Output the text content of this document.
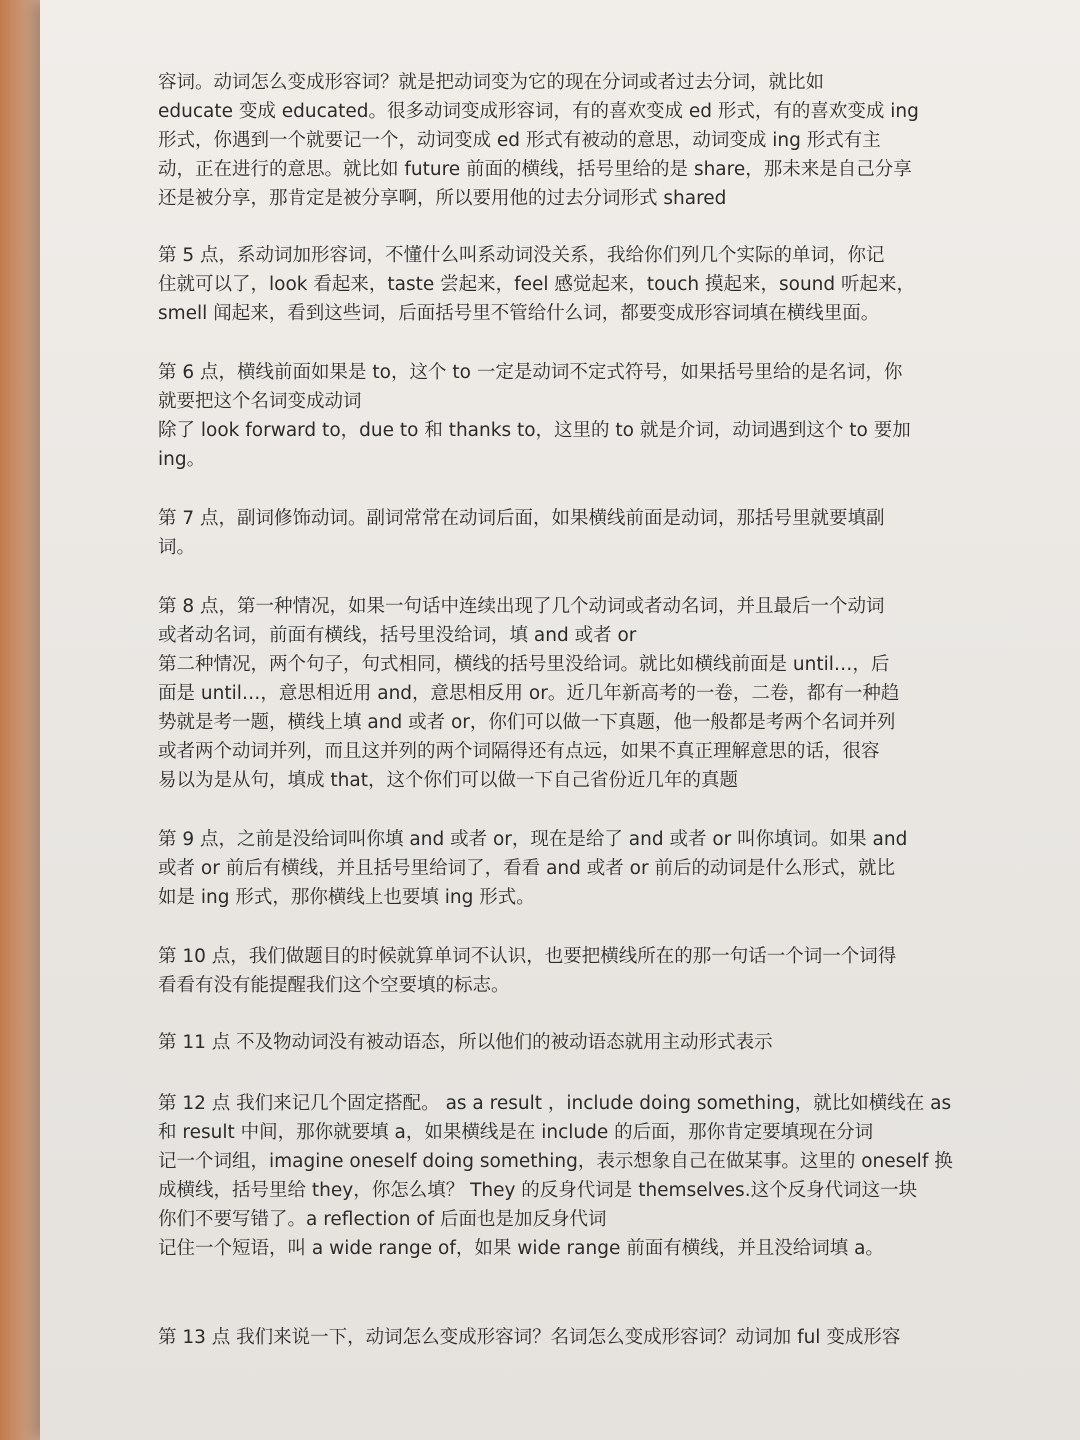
容词。动词怎么变成形容词？就是把动词变为它的现在分词或者过去分词，就比如
educate 变成 educated。很多动词变成形容词，有的喜欢变成 ed 形式，有的喜欢变成 ing
形式，你遇到一个就要记一个，动词变成 ed 形式有被动的意思，动词变成 ing 形式有主
动，正在进行的意思。就比如 future 前面的横线，括号里给的是 share，那未来是自己分享
还是被分享，那肯定是被分享啊，所以要用他的过去分词形式 shared
第 5 点，系动词加形容词，不懂什么叫系动词没关系，我给你们列几个实际的单词，你记
住就可以了，look 看起来，taste 尝起来，feel 感觉起来，touch 摸起来，sound 听起来，
smell 闻起来，看到这些词，后面括号里不管给什么词，都要变成形容词填在横线里面。
第 6 点，横线前面如果是 to，这个 to 一定是动词不定式符号，如果括号里给的是名词，你
就要把这个名词变成动词
除了 look forward to，due to 和 thanks to，这里的 to 就是介词，动词遇到这个 to 要加
ing。
第 7 点，副词修饰动词。副词常常在动词后面，如果横线前面是动词，那括号里就要填副
词。
第 8 点，第一种情况，如果一句话中连续出现了几个动词或者动名词，并且最后一个动词
或者动名词，前面有横线，括号里没给词，填 and 或者 or
第二种情况，两个句子，句式相同，横线的括号里没给词。就比如横线前面是 until…，后
面是 until…，意思相近用 and，意思相反用 or。近几年新高考的一卷，二卷，都有一种趋
势就是考一题，横线上填 and 或者 or，你们可以做一下真题，他一般都是考两个名词并列
或者两个动词并列，而且这并列的两个词隔得还有点远，如果不真正理解意思的话，很容
易以为是从句，填成 that，这个你们可以做一下自己省份近几年的真题
第 9 点，之前是没给词叫你填 and 或者 or，现在是给了 and 或者 or 叫你填词。如果 and
或者 or 前后有横线，并且括号里给词了，看看 and 或者 or 前后的动词是什么形式，就比
如是 ing 形式，那你横线上也要填 ing 形式。
第 10 点，我们做题目的时候就算单词不认识，也要把横线所在的那一句话一个词一个词得
看看有没有能提醒我们这个空要填的标志。
第 11 点 不及物动词没有被动语态，所以他们的被动语态就用主动形式表示
第 12 点 我们来记几个固定搭配。 as a result ，include doing something，就比如横线在 as
和 result 中间，那你就要填 a，如果横线是在 include 的后面，那你肯定要填现在分词
记一个词组，imagine oneself doing something，表示想象自己在做某事。这里的 oneself 换
成横线，括号里给 they，你怎么填？ They 的反身代词是 themselves.这个反身代词这一块
你们不要写错了。a reflection of 后面也是加反身代词
记住一个短语，叫 a wide range of，如果 wide range 前面有横线，并且没给词填 a。
第 13 点 我们来说一下，动词怎么变成形容词？名词怎么变成形容词？动词加 ful 变成形容
